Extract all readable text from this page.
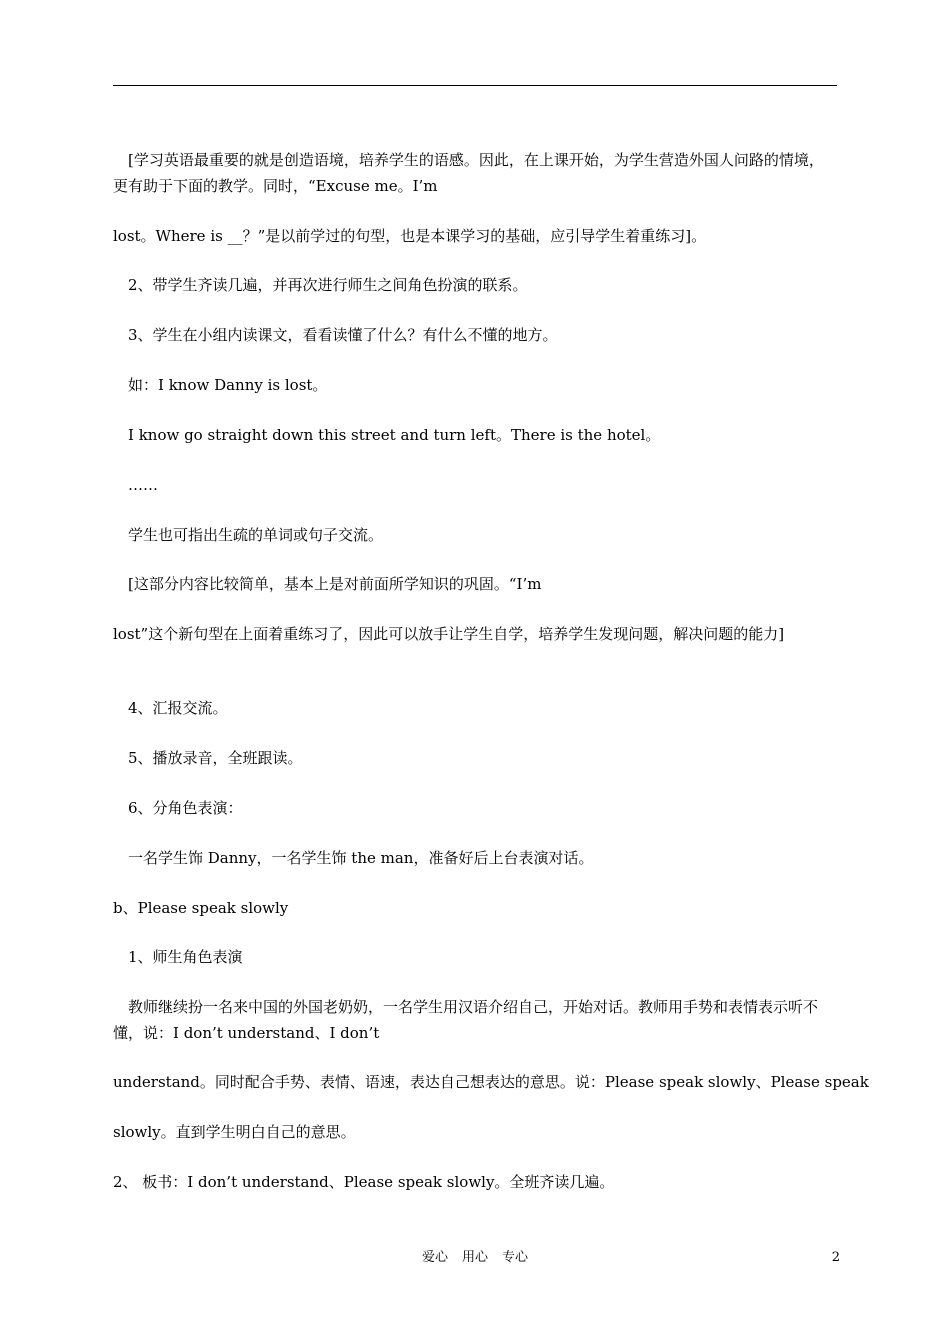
　[学习英语最重要的就是创造语境，培养学生的语感。因此，在上课开始，为学生营造外国人问路的情境，更有助于下面的教学。同时，“Excuse me。I’m
lost。Where is __？”是以前学过的句型，也是本课学习的基础，应引导学生着重练习]。
　2、带学生齐读几遍，并再次进行师生之间角色扮演的联系。
　3、学生在小组内读课文，看看读懂了什么？有什么不懂的地方。
　如：I know Danny is lost。
　I know go straight down this street and turn left。There is the hotel。
　……
　学生也可指出生疏的单词或句子交流。
　[这部分内容比较简单，基本上是对前面所学知识的巩固。“I’m
lost”这个新句型在上面着重练习了，因此可以放手让学生自学，培养学生发现问题，解决问题的能力]
　4、汇报交流。
　5、播放录音，全班跟读。
　6、分角色表演：
　一名学生饰 Danny，一名学生饰 the man，准备好后上台表演对话。
b、Please speak slowly
　1、师生角色表演
　教师继续扮一名来中国的外国老奶奶，一名学生用汉语介绍自己，开始对话。教师用手势和表情表示听不懂，说：I don’t understand、I don’t
understand。同时配合手势、表情、语速，表达自己想表达的意思。说：Please speak slowly、Please speak
slowly。直到学生明白自己的意思。
2、 板书：I don’t understand、Please speak slowly。全班齐读几遍。
爱心 用心 专心	2
